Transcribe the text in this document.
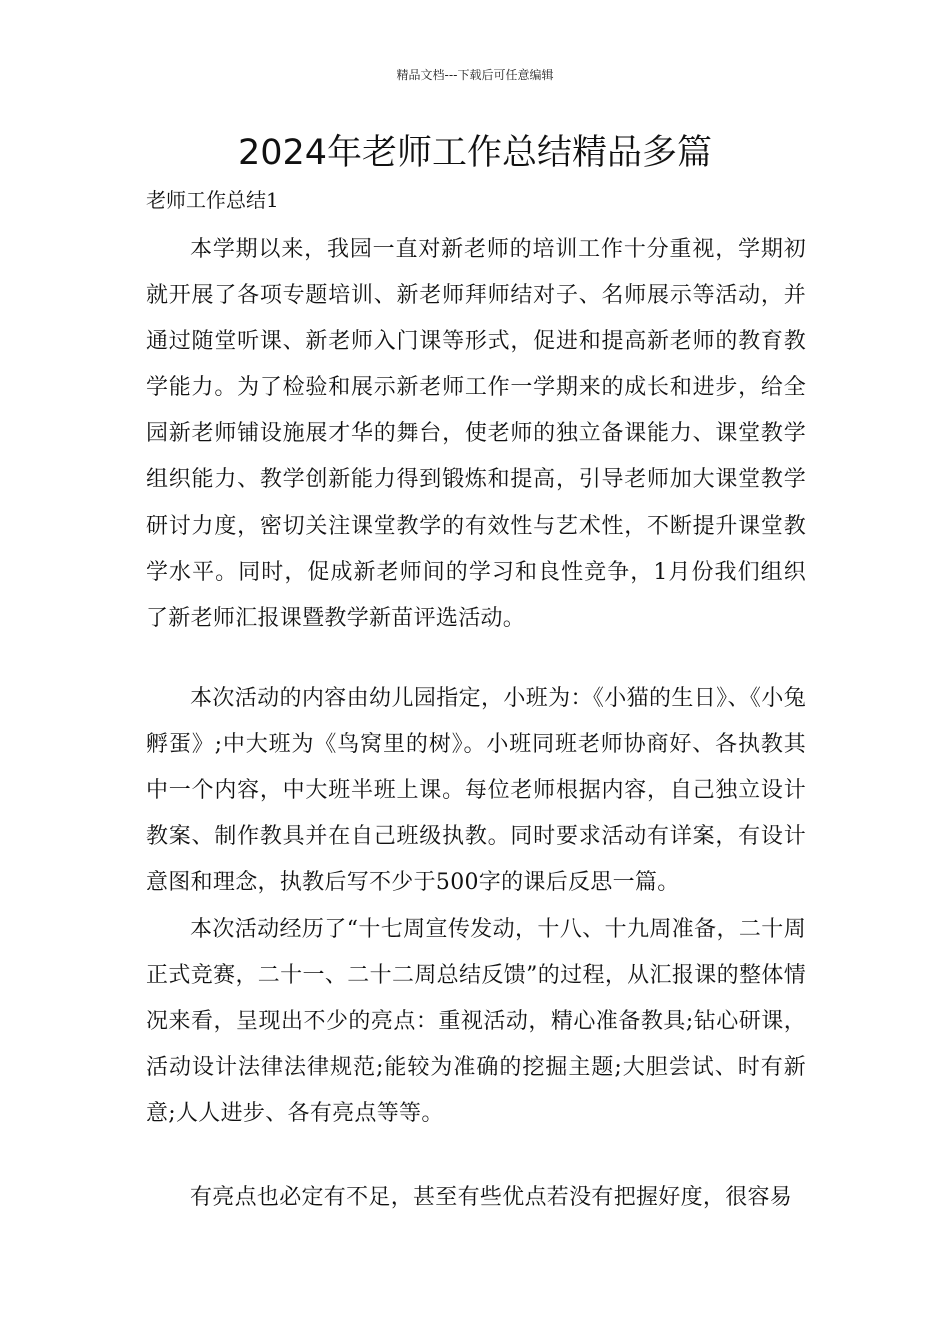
精品文档---下载后可任意编辑
2024年老师工作总结精品多篇
老师工作总结1

本学期以来，我园一直对新老师的培训工作十分重视，学期初就开展了各项专题培训、新老师拜师结对子、名师展示等活动，并通过随堂听课、新老师入门课等形式，促进和提高新老师的教育教学能力。为了检验和展示新老师工作一学期来的成长和进步，给全园新老师铺设施展才华的舞台，使老师的独立备课能力、课堂教学组织能力、教学创新能力得到锻炼和提高，引导老师加大课堂教学研讨力度，密切关注课堂教学的有效性与艺术性，不断提升课堂教学水平。同时，促成新老师间的学习和良性竞争，1月份我们组织了新老师汇报课暨教学新苗评选活动。

本次活动的内容由幼儿园指定，小班为：《小猫的生日》、《小兔孵蛋》;中大班为《鸟窝里的树》。小班同班老师协商好、各执教其中一个内容，中大班半班上课。每位老师根据内容，自己独立设计教案、制作教具并在自己班级执教。同时要求活动有详案，有设计意图和理念，执教后写不少于500字的课后反思一篇。

本次活动经历了“十七周宣传发动，十八、十九周准备，二十周正式竞赛，二十一、二十二周总结反馈”的过程，从汇报课的整体情况来看，呈现出不少的亮点：重视活动，精心准备教具;钻心研课，活动设计法律法律规范;能较为准确的挖掘主题;大胆尝试、时有新意;人人进步、各有亮点等等。

有亮点也必定有不足，甚至有些优点若没有把握好度，很容易
